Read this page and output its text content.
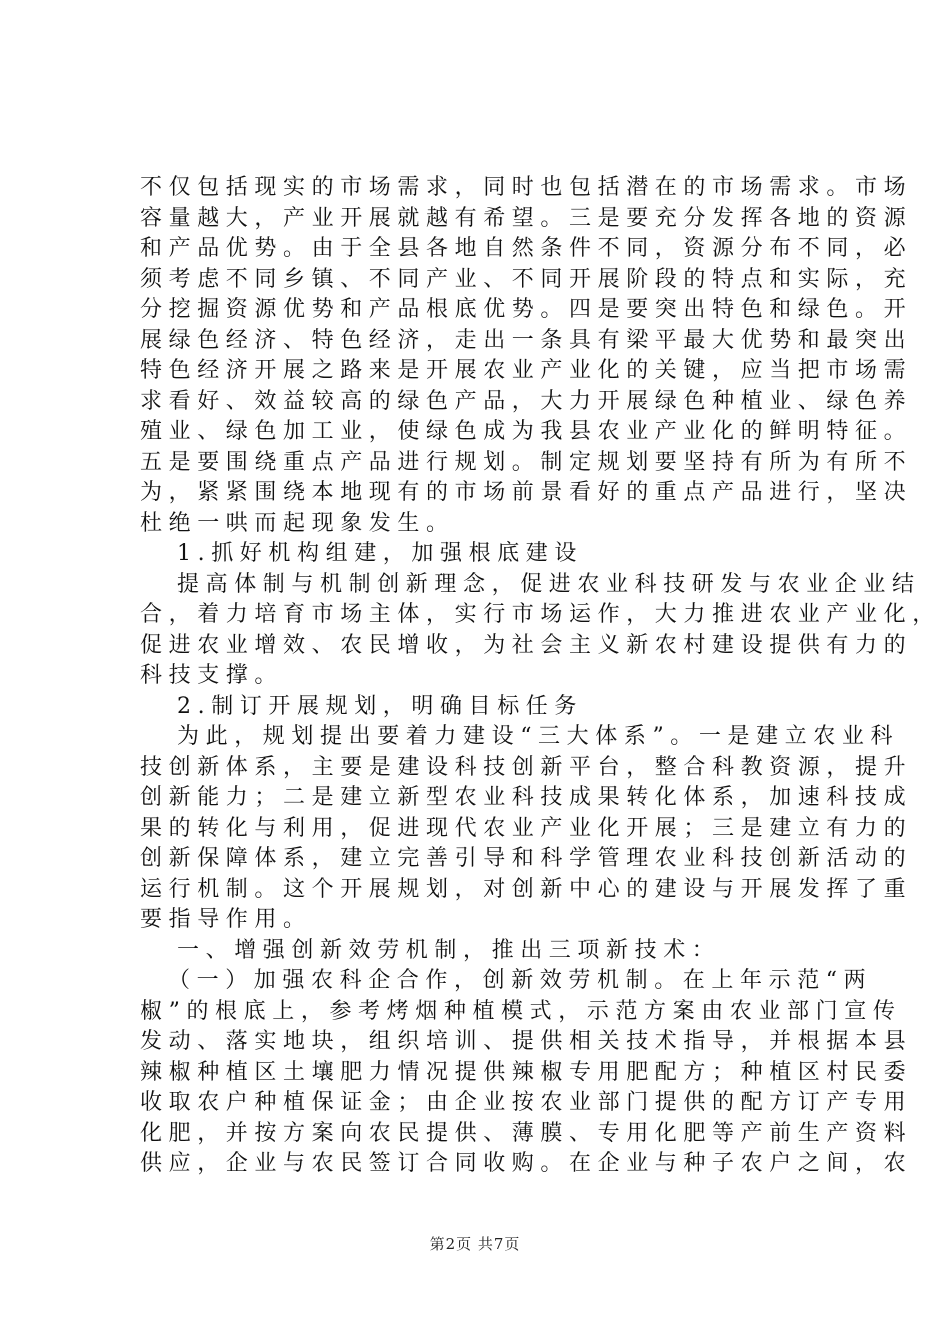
不仅包括现实的市场需求，同时也包括潜在的市场需求。市场
容量越大，产业开展就越有希望。三是要充分发挥各地的资源
和产品优势。由于全县各地自然条件不同，资源分布不同，必
须考虑不同乡镇、不同产业、不同开展阶段的特点和实际，充
分挖掘资源优势和产品根底优势。四是要突出特色和绿色。开
展绿色经济、特色经济，走出一条具有梁平最大优势和最突出
特色经济开展之路来是开展农业产业化的关键，应当把市场需
求看好、效益较高的绿色产品，大力开展绿色种植业、绿色养
殖业、绿色加工业，使绿色成为我县农业产业化的鲜明特征。
五是要围绕重点产品进行规划。制定规划要坚持有所为有所不
为，紧紧围绕本地现有的市场前景看好的重点产品进行，坚决
杜绝一哄而起现象发生。
1.抓好机构组建，加强根底建设
提高体制与机制创新理念，促进农业科技研发与农业企业结
合，着力培育市场主体，实行市场运作，大力推进农业产业化，
促进农业增效、农民增收，为社会主义新农村建设提供有力的
科技支撑。
2.制订开展规划，明确目标任务
为此，规划提出要着力建设“三大体系”。一是建立农业科
技创新体系，主要是建设科技创新平台，整合科教资源，提升
创新能力；二是建立新型农业科技成果转化体系，加速科技成
果的转化与利用，促进现代农业产业化开展；三是建立有力的
创新保障体系，建立完善引导和科学管理农业科技创新活动的
运行机制。这个开展规划，对创新中心的建设与开展发挥了重
要指导作用。
一、增强创新效劳机制，推出三项新技术：
（一）加强农科企合作，创新效劳机制。在上年示范“两
椒”的根底上，参考烤烟种植模式，示范方案由农业部门宣传
发动、落实地块，组织培训、提供相关技术指导，并根据本县
辣椒种植区土壤肥力情况提供辣椒专用肥配方；种植区村民委
收取农户种植保证金；由企业按农业部门提供的配方订产专用
化肥，并按方案向农民提供、薄膜、专用化肥等产前生产资料
供应，企业与农民签订合同收购。在企业与种子农户之间，农
第2页 共7页
